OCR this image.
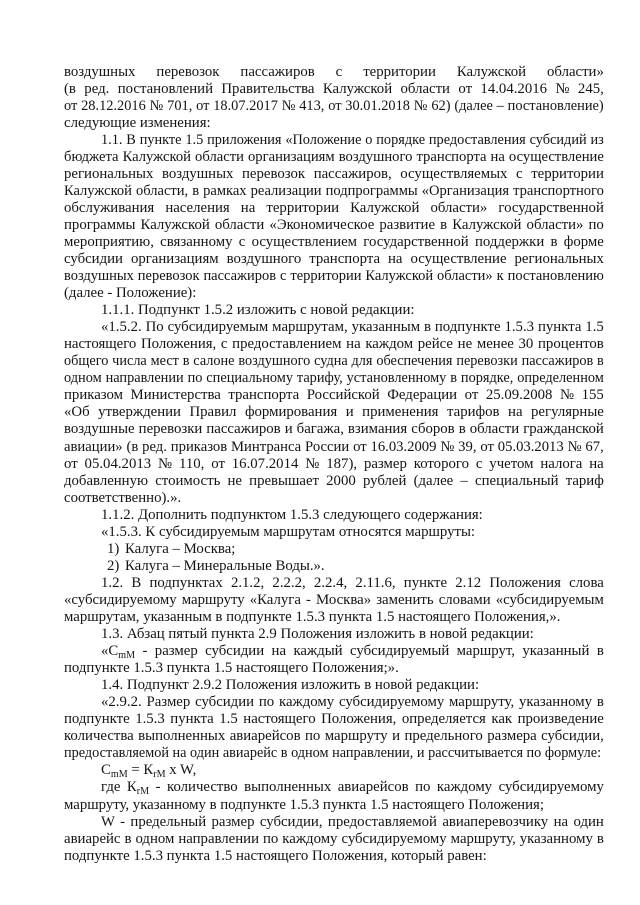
воздушных перевозок пассажиров с территории Калужской области»
(в ред. постановлений Правительства Калужской области от 14.04.2016 № 245,
от 28.12.2016 № 701, от 18.07.2017 № 413, от 30.01.2018 № 62) (далее – постановление)
следующие изменения:
1.1. В пункте 1.5 приложения «Положение о порядке предоставления субсидий из
бюджета Калужской области организациям воздушного транспорта на осуществление
региональных воздушных перевозок пассажиров, осуществляемых с территории
Калужской области, в рамках реализации подпрограммы «Организация транспортного
обслуживания населения на территории Калужской области» государственной
программы Калужской области «Экономическое развитие в Калужской области» по
мероприятию, связанному с осуществлением государственной поддержки в форме
субсидии организациям воздушного транспорта на осуществление региональных
воздушных перевозок пассажиров с территории Калужской области» к постановлению
(далее - Положение):
1.1.1. Подпункт 1.5.2 изложить с новой редакции:
«1.5.2. По субсидируемым маршрутам, указанным в подпункте 1.5.3 пункта 1.5
настоящего Положения, с предоставлением на каждом рейсе не менее 30 процентов
общего числа мест в салоне воздушного судна для обеспечения перевозки пассажиров в
одном направлении по специальному тарифу, установленному в порядке, определенном
приказом Министерства транспорта Российской Федерации от 25.09.2008 № 155
«Об утверждении Правил формирования и применения тарифов на регулярные
воздушные перевозки пассажиров и багажа, взимания сборов в области гражданской
авиации» (в ред. приказов Минтранса России от 16.03.2009 № 39, от 05.03.2013 № 67,
от 05.04.2013 № 110, от 16.07.2014 № 187), размер которого с учетом налога на
добавленную стоимость не превышает 2000 рублей (далее – специальный тариф
соответственно).».
1.1.2. Дополнить подпунктом 1.5.3 следующего содержания:
«1.5.3. К субсидируемым маршрутам относятся маршруты:
1) Калуга – Москва;
2) Калуга – Минеральные Воды.».
1.2. В подпунктах 2.1.2, 2.2.2, 2.2.4, 2.11.6, пункте 2.12 Положения слова
«субсидируемому маршруту «Калуга - Москва» заменить словами «субсидируемым
маршрутам, указанным в подпункте 1.5.3 пункта 1.5 настоящего Положения,».
1.3. Абзац пятый пункта 2.9 Положения изложить в новой редакции:
«$С_{mM}$ - размер субсидии на каждый субсидируемый маршрут, указанный в
подпункте 1.5.3 пункта 1.5 настоящего Положения;».
1.4. Подпункт 2.9.2 Положения изложить в новой редакции:
«2.9.2. Размер субсидии по каждому субсидируемому маршруту, указанному в
подпункте 1.5.3 пункта 1.5 настоящего Положения, определяется как произведение
количества выполненных авиарейсов по маршруту и предельного размера субсидии,
предоставляемой на один авиарейс в одном направлении, и рассчитывается по формуле:
$С_{mM} = К_{rM}$ x W,
где $К_{rM}$ - количество выполненных авиарейсов по каждому субсидируемому
маршруту, указанному в подпункте 1.5.3 пункта 1.5 настоящего Положения;
W - предельный размер субсидии, предоставляемой авиаперевозчику на один
авиарейс в одном направлении по каждому субсидируемому маршруту, указанному в
подпункте 1.5.3 пункта 1.5 настоящего Положения, который равен:
